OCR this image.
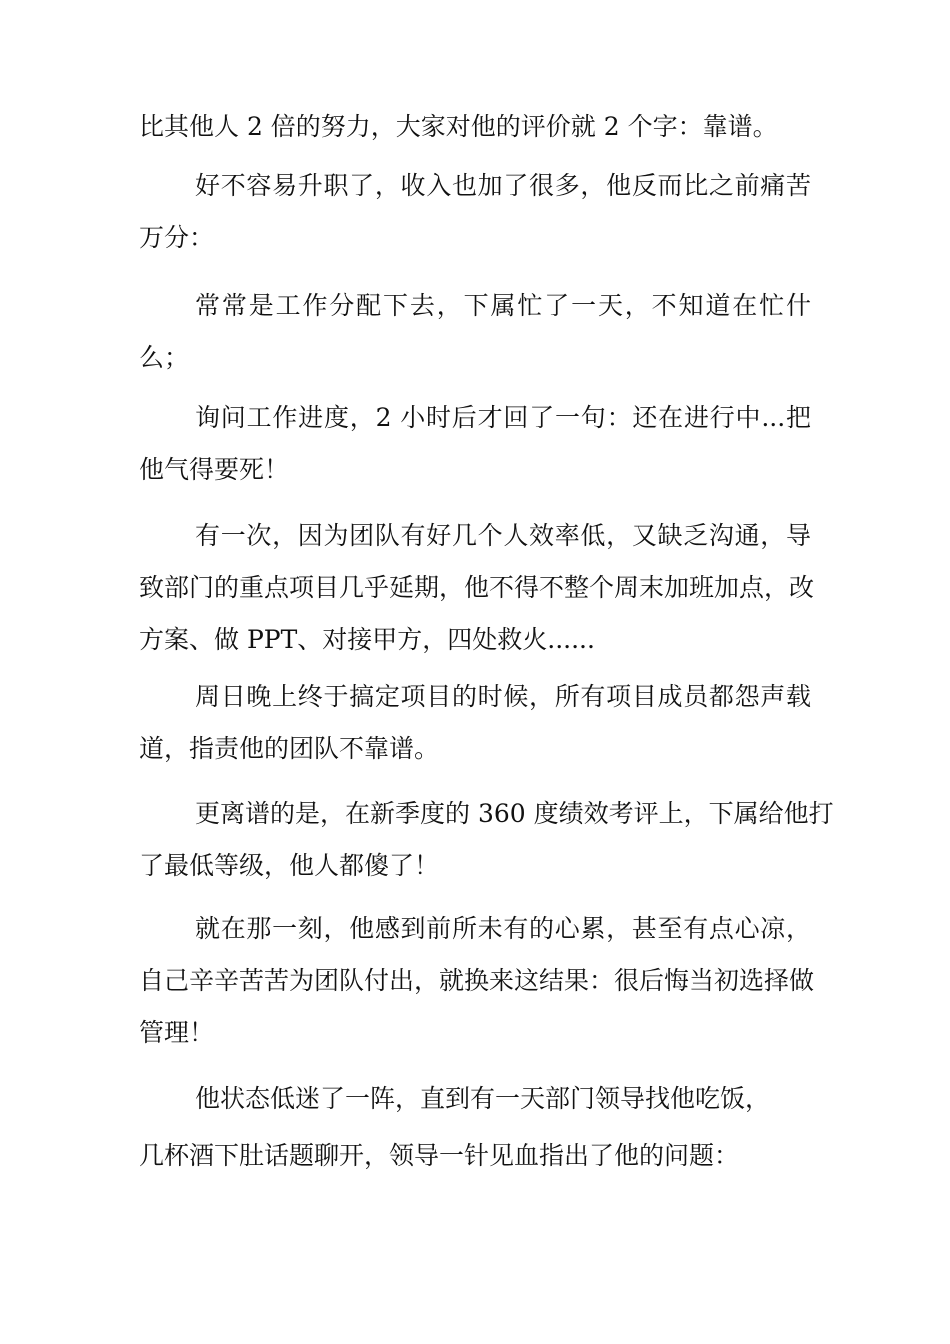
比其他人 2 倍的努力，大家对他的评价就 2 个字：靠谱。

好不容易升职了，收入也加了很多，他反而比之前痛苦
万分：

常常是工作分配下去，下属忙了一天，不知道在忙什
么；

询问工作进度，2 小时后才回了一句：还在进行中...把
他气得要死！

有一次，因为团队有好几个人效率低，又缺乏沟通，导
致部门的重点项目几乎延期，他不得不整个周末加班加点，改
方案、做 PPT、对接甲方，四处救火......

周日晚上终于搞定项目的时候，所有项目成员都怨声载
道，指责他的团队不靠谱。

更离谱的是，在新季度的 360 度绩效考评上，下属给他打
了最低等级，他人都傻了！

就在那一刻，他感到前所未有的心累，甚至有点心凉，
自己辛辛苦苦为团队付出，就换来这结果：很后悔当初选择做
管理！

他状态低迷了一阵，直到有一天部门领导找他吃饭，

几杯酒下肚话题聊开，领导一针见血指出了他的问题：
